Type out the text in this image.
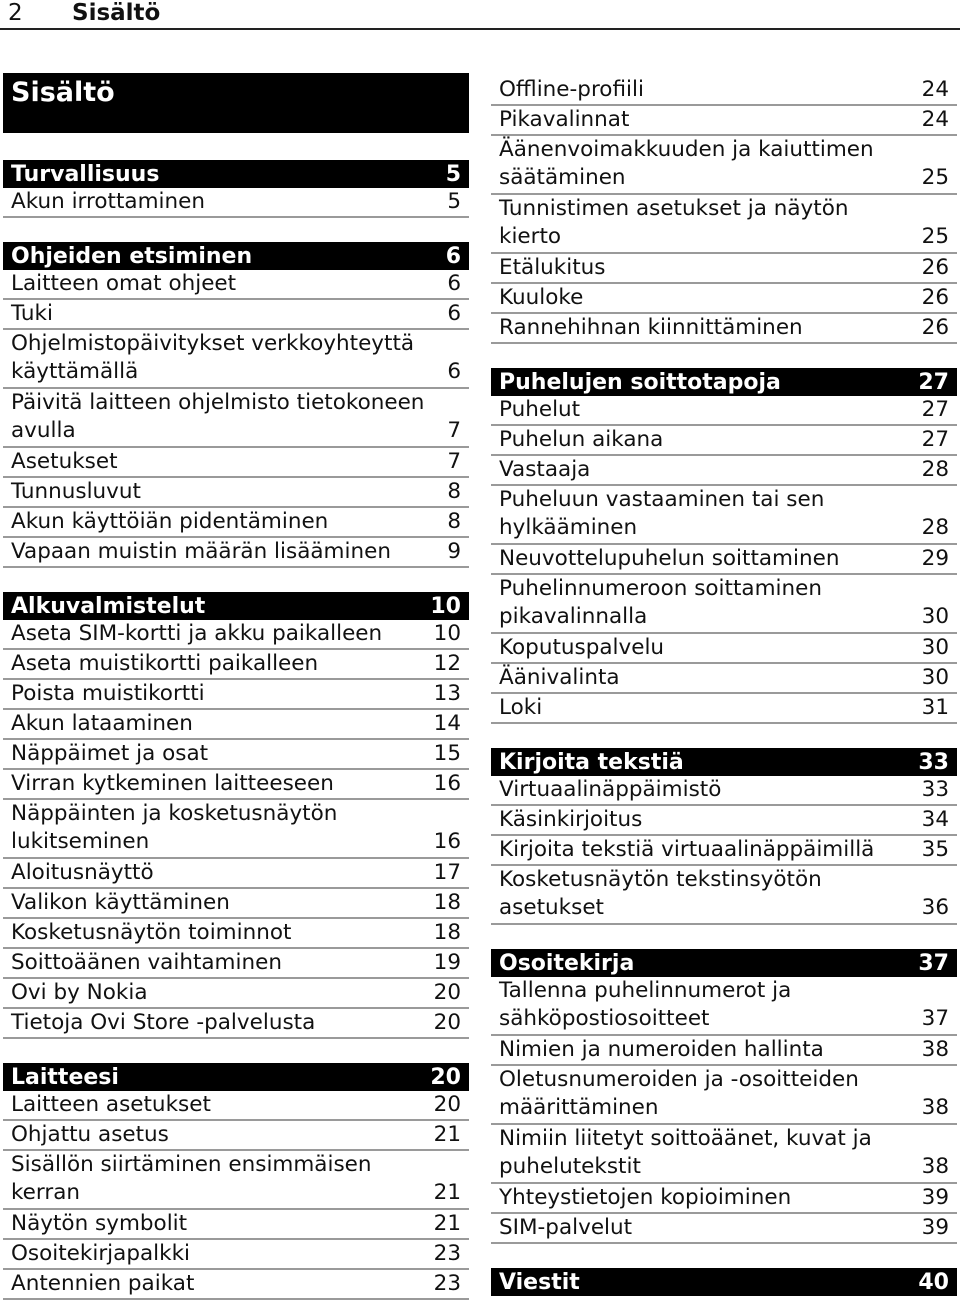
2 Sisältö
Sisältö
Turvallisuus	5
Akun irrottaminen	5
Ohjeiden etsiminen	6
Laitteen omat ohjeet	6
Tuki	6
Ohjelmistopäivitykset verkkoyhteyttä
käyttämällä	6
Päivitä laitteen ohjelmisto tietokoneen
avulla	7
Asetukset	7
Tunnusluvut	8
Akun käyttöiän pidentäminen	8
Vapaan muistin määrän lisääminen	9
Alkuvalmistelut	10
Aseta SIM-kortti ja akku paikalleen 10
Aseta muistikortti paikalleen	12
Poista muistikortti	13
Akun lataaminen	14
Näppäimet ja osat	15
Virran kytkeminen laitteeseen	16
Näppäinten ja kosketusnäytön
lukitseminen	16
Aloitusnäyttö	17
Valikon käyttäminen	18
Kosketusnäytön toiminnot	18
Soittoäänen vaihtaminen	19
Ovi by Nokia	20
Tietoja Ovi Store -palvelusta	20
Laitteesi	20
Laitteen asetukset	20
Ohjattu asetus	21
Sisällön siirtäminen ensimmäisen
kerran	21
Näytön symbolit	21
Osoitekirjapalkki	23
Antennien paikat	23
Offline-profiili	24
Pikavalinnat	24
Äänenvoimakkuuden ja kaiuttimen
säätäminen	25
Tunnistimen asetukset ja näytön
kierto	25
Etälukitus	26
Kuuloke	26
Rannehihnan kiinnittäminen	26
Puhelujen soittotapoja	27
Puhelut	27
Puhelun aikana	27
Vastaaja	28
Puheluun vastaaminen tai sen
hylkääminen	28
Neuvottelupuhelun soittaminen	29
Puhelinnumeroon soittaminen
pikavalinnalla	30
Koputuspalvelu	30
Äänivalinta	30
Loki	31
Kirjoita tekstiä	33
Virtuaalinäppäimistö	33
Käsinkirjoitus	34
Kirjoita tekstiä virtuaalinäppäimillä 35
Kosketusnäytön tekstinsyötön
asetukset	36
Osoitekirja	37
Tallenna puhelinnumerot ja
sähköpostiosoitteet	37
Nimien ja numeroiden hallinta	38
Oletusnumeroiden ja -osoitteiden
määrittäminen	38
Nimiin liitetyt soittoäänet, kuvat ja
puhelutekstit	38
Yhteystietojen kopioiminen	39
SIM-palvelut	39
Viestit	40
